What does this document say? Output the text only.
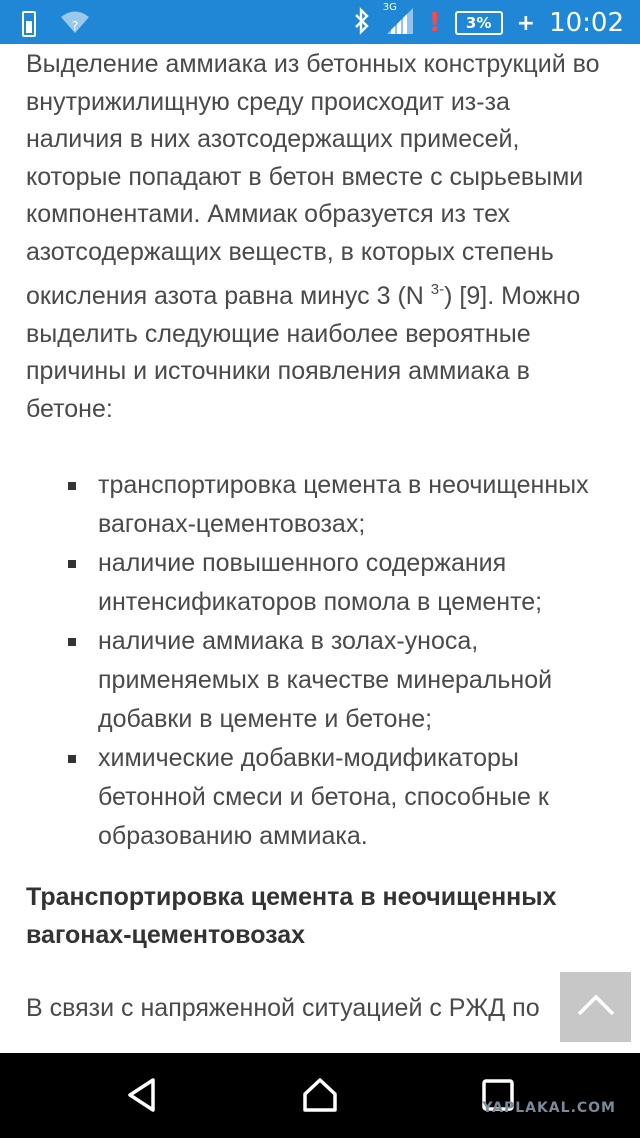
?
3G
!	3%	+ 10:02

Выделение аммиака из бетонных конструкций во внутрижилищную среду происходит из-за наличия в них азотсодержащих примесей, которые попадают в бетон вместе с сырьевыми компонентами. Аммиак образуется из тех азотсодержащих веществ, в которых степень окисления азота равна минус 3 (N $^{3-}$) [9]. Можно выделить следующие наиболее вероятные причины и источники появления аммиака в бетоне:

транспортировка цемента в неочищенных вагонах-цементовозах;
наличие повышенного содержания интенсификаторов помола в цементе;
наличие аммиака в золах-уноса, применяемых в качестве минеральной добавки в цементе и бетоне;
химические добавки-модификаторы бетонной смеси и бетона, способные к образованию аммиака.

Транспортировка цемента в неочищенных вагонах-цементовозах

В связи с напряженной ситуацией с РЖД по

YAPLAKAL.COM
